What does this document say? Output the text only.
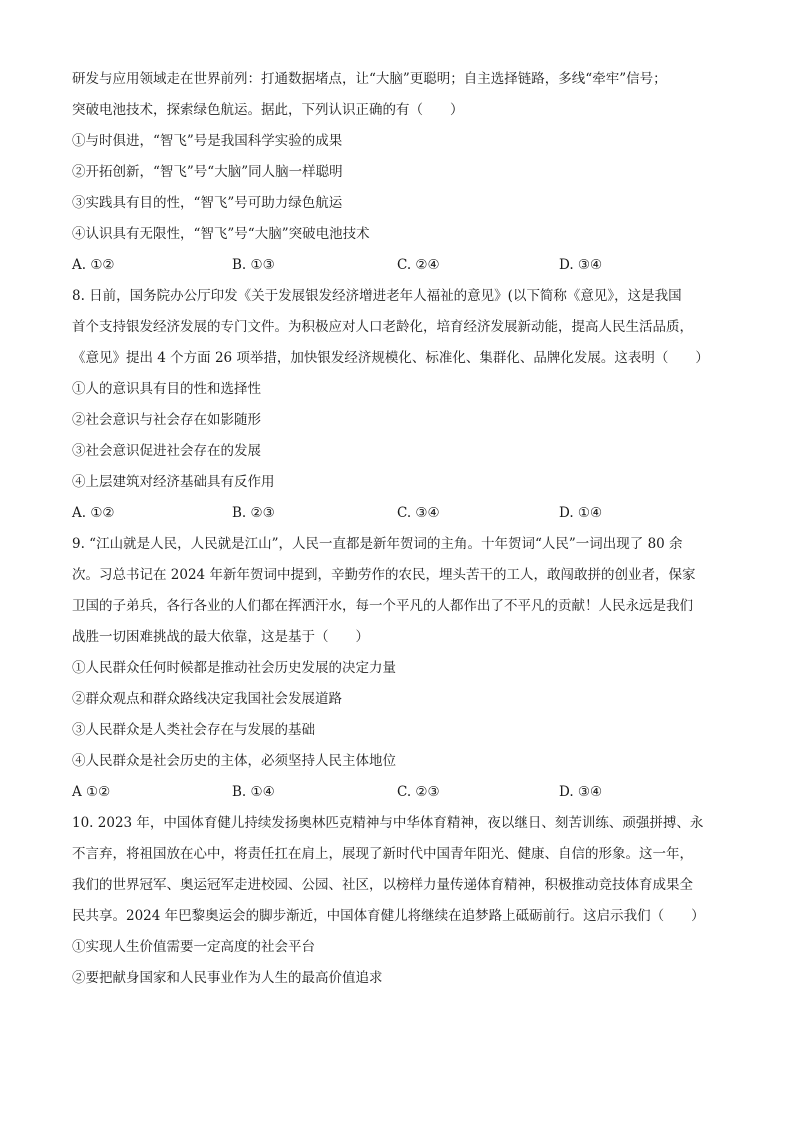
研发与应用领域走在世界前列：打通数据堵点，让“大脑”更聪明；自主选择链路，多线“牵牢”信号；
突破电池技术，探索绿色航运。据此，下列认识正确的有（　　）
①与时俱进，“智飞”号是我国科学实验的成果
②开拓创新，“智飞”号“大脑”同人脑一样聪明
③实践具有目的性，“智飞”号可助力绿色航运
④认识具有无限性，“智飞”号“大脑”突破电池技术
A. ①②	B. ①③	C. ②④	D. ③④
8. 日前，国务院办公厅印发《关于发展银发经济增进老年人福祉的意见》(以下简称《意见》，这是我国
首个支持银发经济发展的专门文件。为积极应对人口老龄化，培育经济发展新动能，提高人民生活品质，
《意见》提出 4 个方面 26 项举措，加快银发经济规模化、标准化、集群化、品牌化发展。这表明（　　）
①人的意识具有目的性和选择性
②社会意识与社会存在如影随形
③社会意识促进社会存在的发展
④上层建筑对经济基础具有反作用
A. ①②	B. ②③	C. ③④	D. ①④
9. “江山就是人民，人民就是江山”，人民一直都是新年贺词的主角。十年贺词“人民”一词出现了 80 余
次。习总书记在 2024 年新年贺词中提到，辛勤劳作的农民，埋头苦干的工人，敢闯敢拼的创业者，保家
卫国的子弟兵，各行各业的人们都在挥洒汗水，每一个平凡的人都作出了不平凡的贡献！人民永远是我们
战胜一切困难挑战的最大依靠，这是基于（　　）
①人民群众任何时候都是推动社会历史发展的决定力量
②群众观点和群众路线决定我国社会发展道路
③人民群众是人类社会存在与发展的基础
④人民群众是社会历史的主体，必须坚持人民主体地位
A ①②	B. ①④	C. ②③	D. ③④
10. 2023 年，中国体育健儿持续发扬奥林匹克精神与中华体育精神，夜以继日、刻苦训练、顽强拼搏、永
不言弃，将祖国放在心中，将责任扛在肩上，展现了新时代中国青年阳光、健康、自信的形象。这一年，
我们的世界冠军、奥运冠军走进校园、公园、社区，以榜样力量传递体育精神，积极推动竞技体育成果全
民共享。2024 年巴黎奥运会的脚步渐近，中国体育健儿将继续在追梦路上砥砺前行。这启示我们（　　）
①实现人生价值需要一定高度的社会平台
②要把献身国家和人民事业作为人生的最高价值追求
